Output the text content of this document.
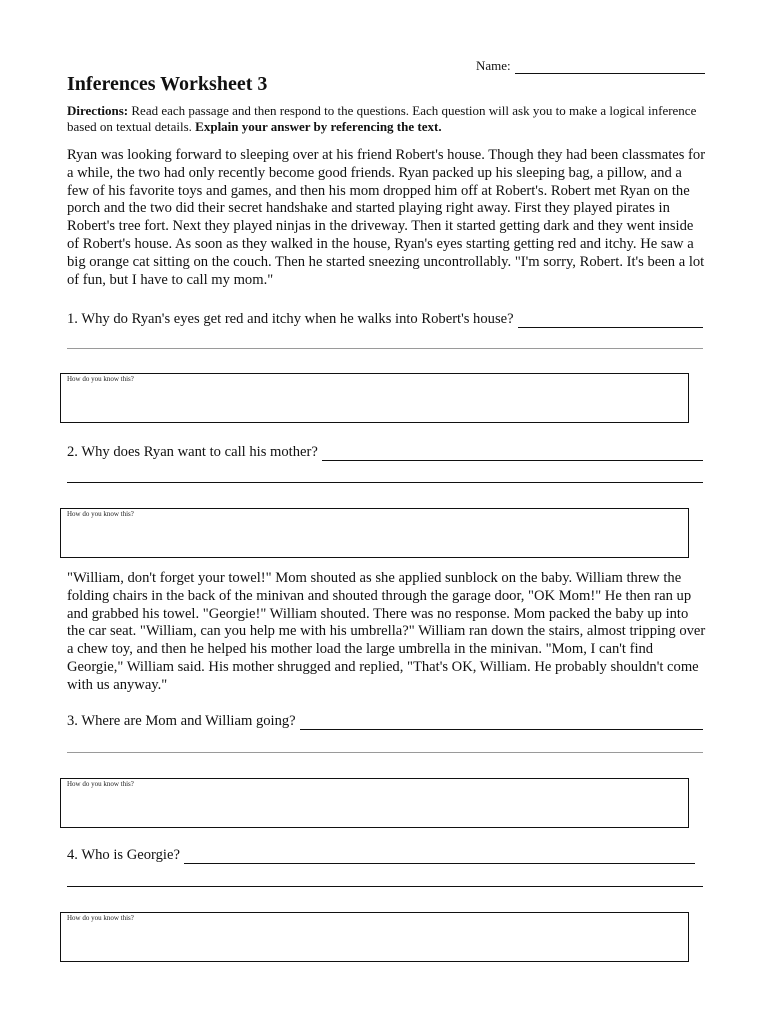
Name:
Inferences Worksheet 3
Directions: Read each passage and then respond to the questions. Each question will ask you to make a logical inference based on textual details. Explain your answer by referencing the text.
Ryan was looking forward to sleeping over at his friend Robert's house. Though they had been classmates for a while, the two had only recently become good friends. Ryan packed up his sleeping bag, a pillow, and a few of his favorite toys and games, and then his mom dropped him off at Robert's. Robert met Ryan on the porch and the two did their secret handshake and started playing right away. First they played pirates in Robert's tree fort. Next they played ninjas in the driveway. Then it started getting dark and they went inside of Robert's house. As soon as they walked in the house, Ryan's eyes starting getting red and itchy. He saw a big orange cat sitting on the couch. Then he started sneezing uncontrollably. "I'm sorry, Robert. It's been a lot of fun, but I have to call my mom."
1. Why do Ryan's eyes get red and itchy when he walks into Robert's house?
How do you know this?
2. Why does Ryan want to call his mother?
How do you know this?
"William, don't forget your towel!" Mom shouted as she applied sunblock on the baby. William threw the folding chairs in the back of the minivan and shouted through the garage door, "OK Mom!" He then ran up and grabbed his towel. "Georgie!" William shouted. There was no response. Mom packed the baby up into the car seat. "William, can you help me with his umbrella?" William ran down the stairs, almost tripping over a chew toy, and then he helped his mother load the large umbrella in the minivan. "Mom, I can't find Georgie," William said. His mother shrugged and replied, "That's OK, William. He probably shouldn't come with us anyway."
3. Where are Mom and William going?
How do you know this?
4. Who is Georgie?
How do you know this?
